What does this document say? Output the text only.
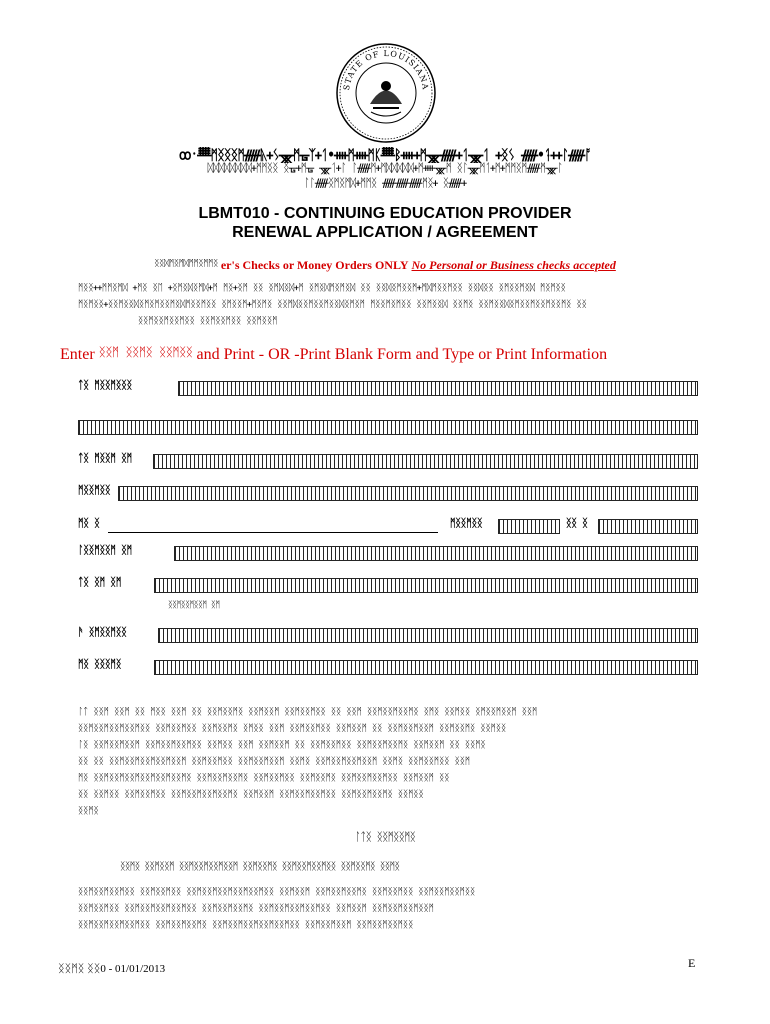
STATE OF LOUISIANA
ꝏ᛫ᚙᛗᛝᛝᛝᛗᚏᚣᚐᛊᚘᛗᚗᛉᚐᛐ•ᚓᛗᚓᛗᛕᚙᛒᚓᚐᛗᚘᚏᚐᛐᚘᛐ ᚐᛝᛊ ᚏ•ᛑᚐᚐᛚᚏᚩ
ᛞᛞᛞᛞᛞᛞᛞᛞᚐᛗᛗᛝᛝ ᛝᚗᚐᛗᚗ ᚘᛐᚐᛚ ᛚᚏᛗᚐᛗᛞᛞᛞᛞᛞᚐᛗᚓᚘᛗ ᛝᛚᚘᛗᛐᚐᛗᚐᛗᛗᛝᛗᚏᛗᚘᛚ
ᛚᛚᚏᛝᛗᛝᛗᛞᚐᛗᛗᛝ ᚏᚏᚏᛗᛝᚐ ᛝᚏᚐ
LBMT010 - CONTINUING EDUCATION PROVIDER
RENEWAL APPLICATION / AGREEMENT
ᛝᛝᛞᛗᛝᛗᛞᛗᛗᛝᛗᛗᛝ er's Checks or Money Orders ONLY No Personal or Business checks accepted
ᛗᛝᛝᚐᚐᛗᛗᛝᛗᛞ ᚐᛗᛝ ᛝᛖ ᚐᛝᛗᛝᛞᛝᛗᛞᚐᛗ ᛗᛝᚐᛝᛗ ᛝᛝ ᛝᛗᛞᛝᛞᚐᛗ ᛝᛗᛝᛞᛗᛝᛗᛝᛞ ᛝᛝ ᛝᛝᛞᛝᛗᛝᛝᛗᚐᛗᛞᛗᛝᛝᛗᛝᛝ ᛝᛝᛞᛝᛝ ᛝᛗᛝᛝᛗᛝᛞ ᛗᛝᛗᛝᛝ
ᛗᛝᛗᛝᛝᚐᛝᛝᛗᛝᛝᛞᛝᛗᛝᛗᛝᛝᛗᛝᛞᛗᛝᛝᛗᛝᛝ ᛝᛗᛝᛝᛗᚐᛗᛝᛗᛝ ᛝᛝᛗᛞᛝᛝᛗᛝᛝᛗᛝᛝᛞᛝᛗᛝᛗ ᛗᛝᛝᛗᛝᛗᛝᛝ ᛝᛝᛗᛝᛝᛞ ᛝᛝᛗᛝ ᛝᛝᛗᛝᛝᛞᛝᛗᛝᛝᛗᛝᛝᛗᛝᛝᛗᛝ ᛝᛝ
ᛝᛝᛗᛝᛝᛗᛝᛝᛗᛝᛝ ᛝᛝᛗᛝᛝᛗᛝᛝ ᛝᛝᛗᛝᛝᛗ
Enter ᛝᛝᛗ ᛝᛝᛗᛝ ᛝᛝᛗᛝᛝ and Print - OR -Print Blank Form and Type or Print Information
ᛏᛝ ᛗᛝᛝᛗᛝᛝᛝ
ᛏᛝ ᛗᛝᛝᛗ ᛝᛗ
ᛗᛝᛝᛗᛝᛝ
ᛗᛝ ᛝ	ᛗᛝᛝᛗᛝᛝ	ᛝᛝ ᛝ
ᛚᛝᛝᛗᛝᛝᛗ ᛝᛗ
ᛏᛝ ᛝᛗ ᛝᛗ
ᛝᛝᛗᛝᛝᛗᛝᛝᛗ ᛝᛗ
ᚫ ᛝᛗᛝᛝᛗᛝᛝ
ᛗᛝ ᛝᛝᛝᛗᛝ
ᛚᛏ ᛝᛝᛗ ᛝᛝᛗ ᛝᛝ ᛗᛝᛝ ᛝᛝᛗ ᛝᛝ ᛝᛝᛗᛝᛝᛗᛝ ᛝᛝᛗᛝᛝᛗ ᛝᛝᛗᛝᛝᛗᛝᛝ ᛝᛝ ᛝᛝᛗ ᛝᛝᛗᛝᛝᛗᛝᛝᛗᛝ ᛝᛗᛝ ᛝᛝᛗᛝᛝ ᛝᛗᛝᛝᛗᛝᛝᛗ ᛝᛝᛗ
ᛝᛝᛗᛝᛝᛗᛝᛝᛗᛝᛝᛗᛝᛝ ᛝᛝᛗᛝᛝᛗᛝᛝ ᛝᛝᛗᛝᛝᛗᛝ ᛝᛗᛝᛝ ᛝᛝᛗ ᛝᛝᛗᛝᛝᛗᛝᛝ ᛝᛝᛗᛝᛝᛗ ᛝᛝ ᛝᛝᛗᛝᛝᛗᛝᛝᛗ ᛝᛝᛗᛝᛝᛗᛝ ᛝᛝᛗᛝᛝ
ᛚᛝ ᛝᛝᛗᛝᛝᛗᛝᛝᛗ ᛝᛝᛗᛝᛝᛗᛝᛝᛗᛝᛝ ᛝᛝᛗᛝᛝ ᛝᛝᛗ ᛝᛝᛗᛝᛝᛗ ᛝᛝ ᛝᛝᛗᛝᛝᛗᛝᛝ ᛝᛝᛗᛝᛝᛗᛝᛝᛗᛝ ᛝᛝᛗᛝᛝᛗ ᛝᛝ ᛝᛝᛗᛝ
ᛝᛝ ᛝᛝ ᛝᛝᛗᛝᛝᛗᛝᛝᛗᛝᛝᛗᛝᛝᛗ ᛝᛝᛗᛝᛝᛗᛝᛝ ᛝᛝᛗᛝᛝᛗᛝᛝᛗ ᛝᛝᛗᛝ ᛝᛝᛗᛝᛝᛗᛝᛝᛗᛝᛝᛗ ᛝᛝᛗᛝ ᛝᛝᛗᛝᛝᛗᛝᛝ ᛝᛝᛗ
ᛗᛝ ᛝᛝᛗᛝᛝᛗᛝᛝᛗᛝᛝᛗᛝᛝᛗᛝᛝᛗᛝ ᛝᛝᛗᛝᛝᛗᛝᛝᛗᛝ ᛝᛝᛗᛝᛝᛗᛝᛝ ᛝᛝᛗᛝᛝᛗᛝ ᛝᛝᛗᛝᛝᛗᛝᛝᛗᛝᛝ ᛝᛝᛗᛝᛝᛗ ᛝᛝ
ᛝᛝ ᛝᛝᛗᛝᛝ ᛝᛝᛗᛝᛝᛗᛝᛝ ᛝᛝᛗᛝᛝᛗᛝᛝᛗᛝᛝᛗᛝ ᛝᛝᛗᛝᛝᛗ ᛝᛝᛗᛝᛝᛗᛝᛝᛗᛝᛝ ᛝᛝᛗᛝᛝᛗᛝᛝᛗᛝ ᛝᛝᛗᛝᛝ
ᛝᛝᛗᛝ
ᛚᛏᛝ ᛝᛝᛗᛝᛝᛗᛝ
ᛝᛝᛗᛝ ᛝᛝᛗᛝᛝᛗ ᛝᛝᛗᛝᛝᛗᛝᛝᛗᛝᛝᛗ ᛝᛝᛗᛝᛝᛗᛝ ᛝᛝᛗᛝᛝᛗᛝᛝᛗᛝᛝ ᛝᛝᛗᛝᛝᛗᛝ ᛝᛝᛗᛝ
ᛝᛝᛗᛝᛝᛗᛝᛝᛗᛝᛝ ᛝᛝᛗᛝᛝᛗᛝᛝ ᛝᛝᛗᛝᛝᛗᛝᛝᛗᛝᛝᛗᛝᛝᛗᛝᛝ ᛝᛝᛗᛝᛝᛗ ᛝᛝᛗᛝᛝᛗᛝᛝᛗᛝ ᛝᛝᛗᛝᛝᛗᛝᛝ ᛝᛝᛗᛝᛝᛗᛝᛝᛗᛝᛝ
ᛝᛝᛗᛝᛝᛗᛝᛝ ᛝᛝᛗᛝᛝᛗᛝᛝᛗᛝᛝᛗᛝᛝ ᛝᛝᛗᛝᛝᛗᛝᛝᛗᛝ ᛝᛝᛗᛝᛝᛗᛝᛝᛗᛝᛝᛗᛝᛝ ᛝᛝᛗᛝᛝᛗ ᛝᛝᛗᛝᛝᛗᛝᛝᛗᛝᛝᛗ
ᛝᛝᛗᛝᛝᛗᛝᛝᛗᛝᛝᛗᛝᛝ ᛝᛝᛗᛝᛝᛗᛝᛝᛗᛝ ᛝᛝᛗᛝᛝᛗᛝᛝᛗᛝᛝᛗᛝᛝᛗᛝᛝ ᛝᛝᛗᛝᛝᛗᛝᛝᛗ ᛝᛝᛗᛝᛝᛗᛝᛝᛗᛝᛝ
ᛝᛝᛗᛝ ᛝᛝ0 - 01/01/2013	E
